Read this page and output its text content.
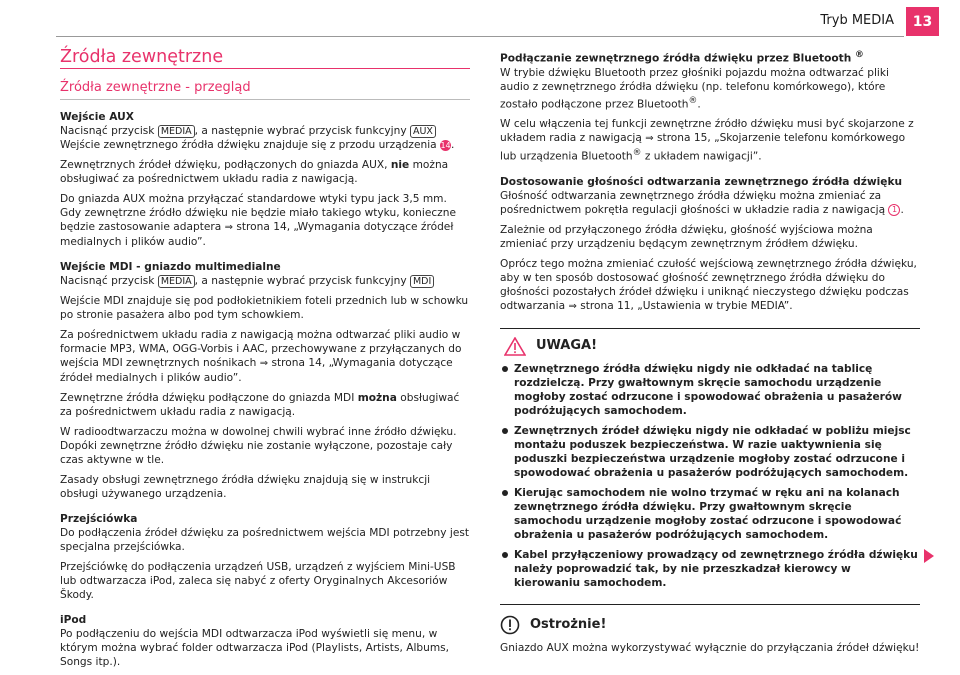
Tryb MEDIA	13
Źródła zewnętrzne
Źródła zewnętrzne - przegląd

Wejście AUX

Nacisnąć przycisk MEDIA , a następnie wybrać przycisk funkcyjny AUX

Wejście zewnętrznego źródła dźwięku znajduje się z przodu urządzenia 14.

Zewnętrznych źródeł dźwięku, podłączonych do gniazda AUX, nie można obsługiwać za pośrednictwem układu radia z nawigacją.

Do gniazda AUX można przyłączać standardowe wtyki typu jack 3,5 mm. Gdy zewnętrzne źródło dźwięku nie będzie miało takiego wtyku, konieczne będzie zastosowanie adaptera ⇒ strona 14, „Wymagania dotyczące źródeł medialnych i plików audio”.

Wejście MDI - gniazdo multimedialne

Nacisnąć przycisk MEDIA , a następnie wybrać przycisk funkcyjny MDI

Wejście MDI znajduje się pod podłokietnikiem foteli przednich lub w schowku po stronie pasażera albo pod tym schowkiem.

Za pośrednictwem układu radia z nawigacją można odtwarzać pliki audio w formacie MP3, WMA, OGG-Vorbis i AAC, przechowywane z przyłączanych do wejścia MDI zewnętrznych nośnikach ⇒ strona 14, „Wymagania dotyczące źródeł medialnych i plików audio”.

Zewnętrzne źródła dźwięku podłączone do gniazda MDI można obsługiwać za pośrednictwem układu radia z nawigacją.

W radioodtwarzaczu można w dowolnej chwili wybrać inne źródło dźwięku. Dopóki zewnętrzne źródło dźwięku nie zostanie wyłączone, pozostaje cały czas aktywne w tle.

Zasady obsługi zewnętrznego źródła dźwięku znajdują się w instrukcji obsługi używanego urządzenia.

Przejściówka

Do podłączenia źródeł dźwięku za pośrednictwem wejścia MDI potrzebny jest specjalna przejściówka.

Przejściówkę do podłączenia urządzeń USB, urządzeń z wyjściem Mini-USB lub odtwarzacza iPod, zaleca się nabyć z oferty Oryginalnych Akcesoriów Škody.

iPod

Po podłączeniu do wejścia MDI odtwarzacza iPod wyświetli się menu, w którym można wybrać folder odtwarzacza iPod (Playlists, Artists, Albums, Songs itp.).

Podłączanie zewnętrznego źródła dźwięku przez Bluetooth ®

W trybie dźwięku Bluetooth przez głośniki pojazdu można odtwarzać pliki audio z zewnętrznego źródła dźwięku (np. telefonu komórkowego), które zostało podłączone przez Bluetooth®.

W celu włączenia tej funkcji zewnętrzne źródło dźwięku musi być skojarzone z układem radia z nawigacją ⇒ strona 15, „Skojarzenie telefonu komórkowego lub urządzenia Bluetooth® z układem nawigacji”.

Dostosowanie głośności odtwarzania zewnętrznego źródła dźwięku

Głośność odtwarzania zewnętrznego źródła dźwięku można zmieniać za pośrednictwem pokrętła regulacji głośności w układzie radia z nawigacją 1 .

Zależnie od przyłączonego źródła dźwięku, głośność wyjściowa można zmieniać przy urządzeniu będącym zewnętrznym źródłem dźwięku.

Oprócz tego można zmieniać czułość wejściową zewnętrznego źródła dźwięku, aby w ten sposób dostosować głośność zewnętrznego źródła dźwięku do głośności pozostałych źródeł dźwięku i uniknąć nieczystego dźwięku podczas odtwarzania ⇒ strona 11, „Ustawienia w trybie MEDIA”.

UWAGA!
Zewnętrznego źródła dźwięku nigdy nie odkładać na tablicę rozdzielczą. Przy gwałtownym skręcie samochodu urządzenie mogłoby zostać odrzucone i spowodować obrażenia u pasażerów podróżujących samochodem.
Zewnętrznych źródeł dźwięku nigdy nie odkładać w pobliżu miejsc montażu poduszek bezpieczeństwa. W razie uaktywnienia się poduszki bezpieczeństwa urządzenie mogłoby zostać odrzucone i spowodować obrażenia u pasażerów podróżujących samochodem.
Kierując samochodem nie wolno trzymać w ręku ani na kolanach zewnętrznego źródła dźwięku. Przy gwałtownym skręcie samochodu urządzenie mogłoby zostać odrzucone i spowodować obrażenia u pasażerów podróżujących samochodem.
Kabel przyłączeniowy prowadzący od zewnętrznego źródła dźwięku należy poprowadzić tak, by nie przeszkadzał kierowcy w kierowaniu samochodem.
Ostrożnie!

Gniazdo AUX można wykorzystywać wyłącznie do przyłączania źródeł dźwięku!
